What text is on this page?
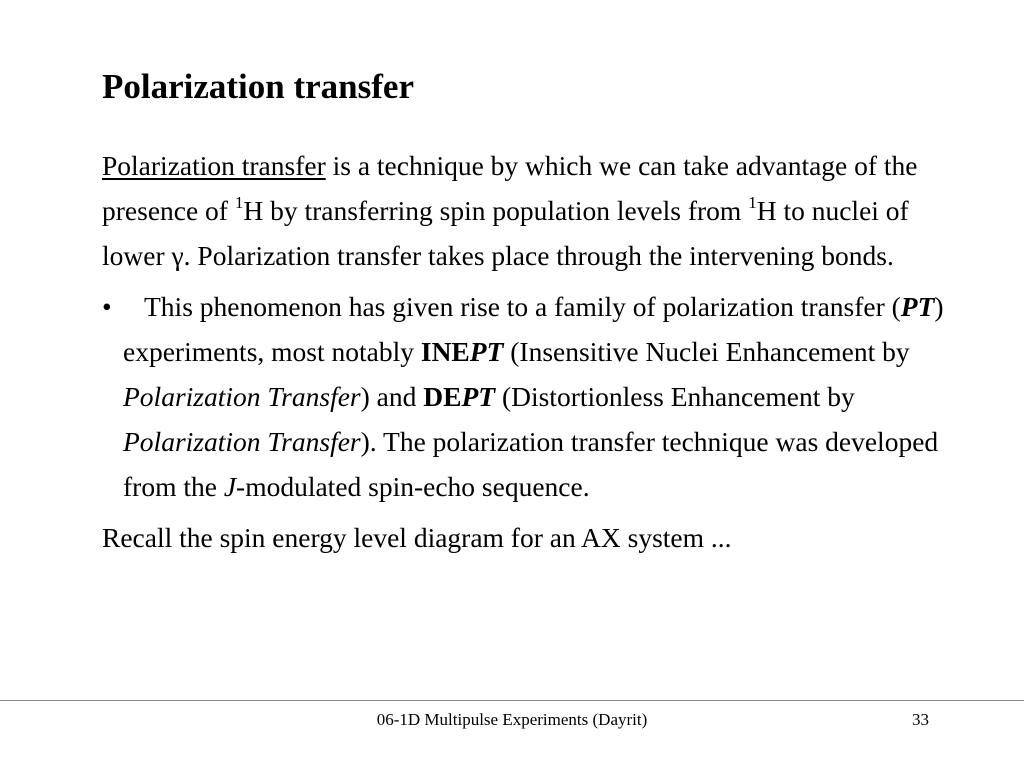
Polarization transfer

Polarization transfer is a technique by which we can take advantage of the presence of $^1$H by transferring spin population levels from $^1$H to nuclei of lower γ. Polarization transfer takes place through the intervening bonds.

• This phenomenon has given rise to a family of polarization transfer (PT) experiments, most notably INEPT (Insensitive Nuclei Enhancement by Polarization Transfer) and DEPT (Distortionless Enhancement by Polarization Transfer). The polarization transfer technique was developed from the J-modulated spin-echo sequence.

Recall the spin energy level diagram for an AX system ...

06-1D Multipulse Experiments (Dayrit)	33
